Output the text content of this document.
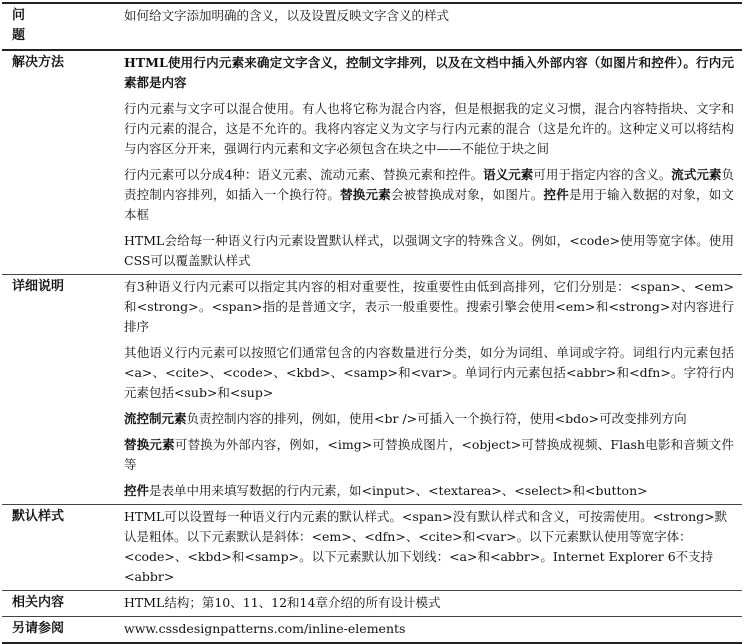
问 题	如何给文字添加明确的含义，以及设置反映文字含义的样式
解决方法	HTML使用行内元素来确定文字含义，控制文字排列，以及在文档中插入外部内容（如图片和控件）。行内元素都是内容

行内元素与文字可以混合使用。有人也将它称为混合内容，但是根据我的定义习惯，混合内容特指块、文字和行内元素的混合，这是不允许的。我将内容定义为文字与行内元素的混合（这是允许的。这种定义可以将结构与内容区分开来，强调行内元素和文字必须包含在块之中——不能位于块之间

行内元素可以分成4种：语义元素、流动元素、替换元素和控件。语义元素可用于指定内容的含义。流式元素负责控制内容排列，如插入一个换行符。替换元素会被替换成对象，如图片。控件是用于输入数据的对象，如文本框

HTML会给每一种语义行内元素设置默认样式，以强调文字的特殊含义。例如，<code>使用等宽字体。使用CSS可以覆盖默认样式

详细说明	有3种语义行内元素可以指定其内容的相对重要性，按重要性由低到高排列，它们分别是：<span>、<em>和<strong>。<span>指的是普通文字，表示一般重要性。搜索引擎会使用<em>和<strong>对内容进行排序

其他语义行内元素可以按照它们通常包含的内容数量进行分类，如分为词组、单词或字符。词组行内元素包括<a>、<cite>、<code>、<kbd>、<samp>和<var>。单词行内元素包括<abbr>和<dfn>。字符行内元素包括<sub>和<sup>

流控制元素负责控制内容的排列，例如，使用<br />可插入一个换行符，使用<bdo>可改变排列方向

替换元素可替换为外部内容，例如，<img>可替换成图片，<object>可替换成视频、Flash电影和音频文件等

控件是表单中用来填写数据的行内元素，如<input>、<textarea>、<select>和<button>

默认样式	HTML可以设置每一种语义行内元素的默认样式。<span>没有默认样式和含义，可按需使用。<strong>默认是粗体。以下元素默认是斜体：<em>、<dfn>、<cite>和<var>。以下元素默认使用等宽字体：<code>、<kbd>和<samp>。以下元素默认加下划线：<a>和<abbr>。Internet Explorer 6不支持<abbr>
相关内容	HTML结构；第10、11、12和14章介绍的所有设计模式
另请参阅	www.cssdesignpatterns.com/inline-elements
